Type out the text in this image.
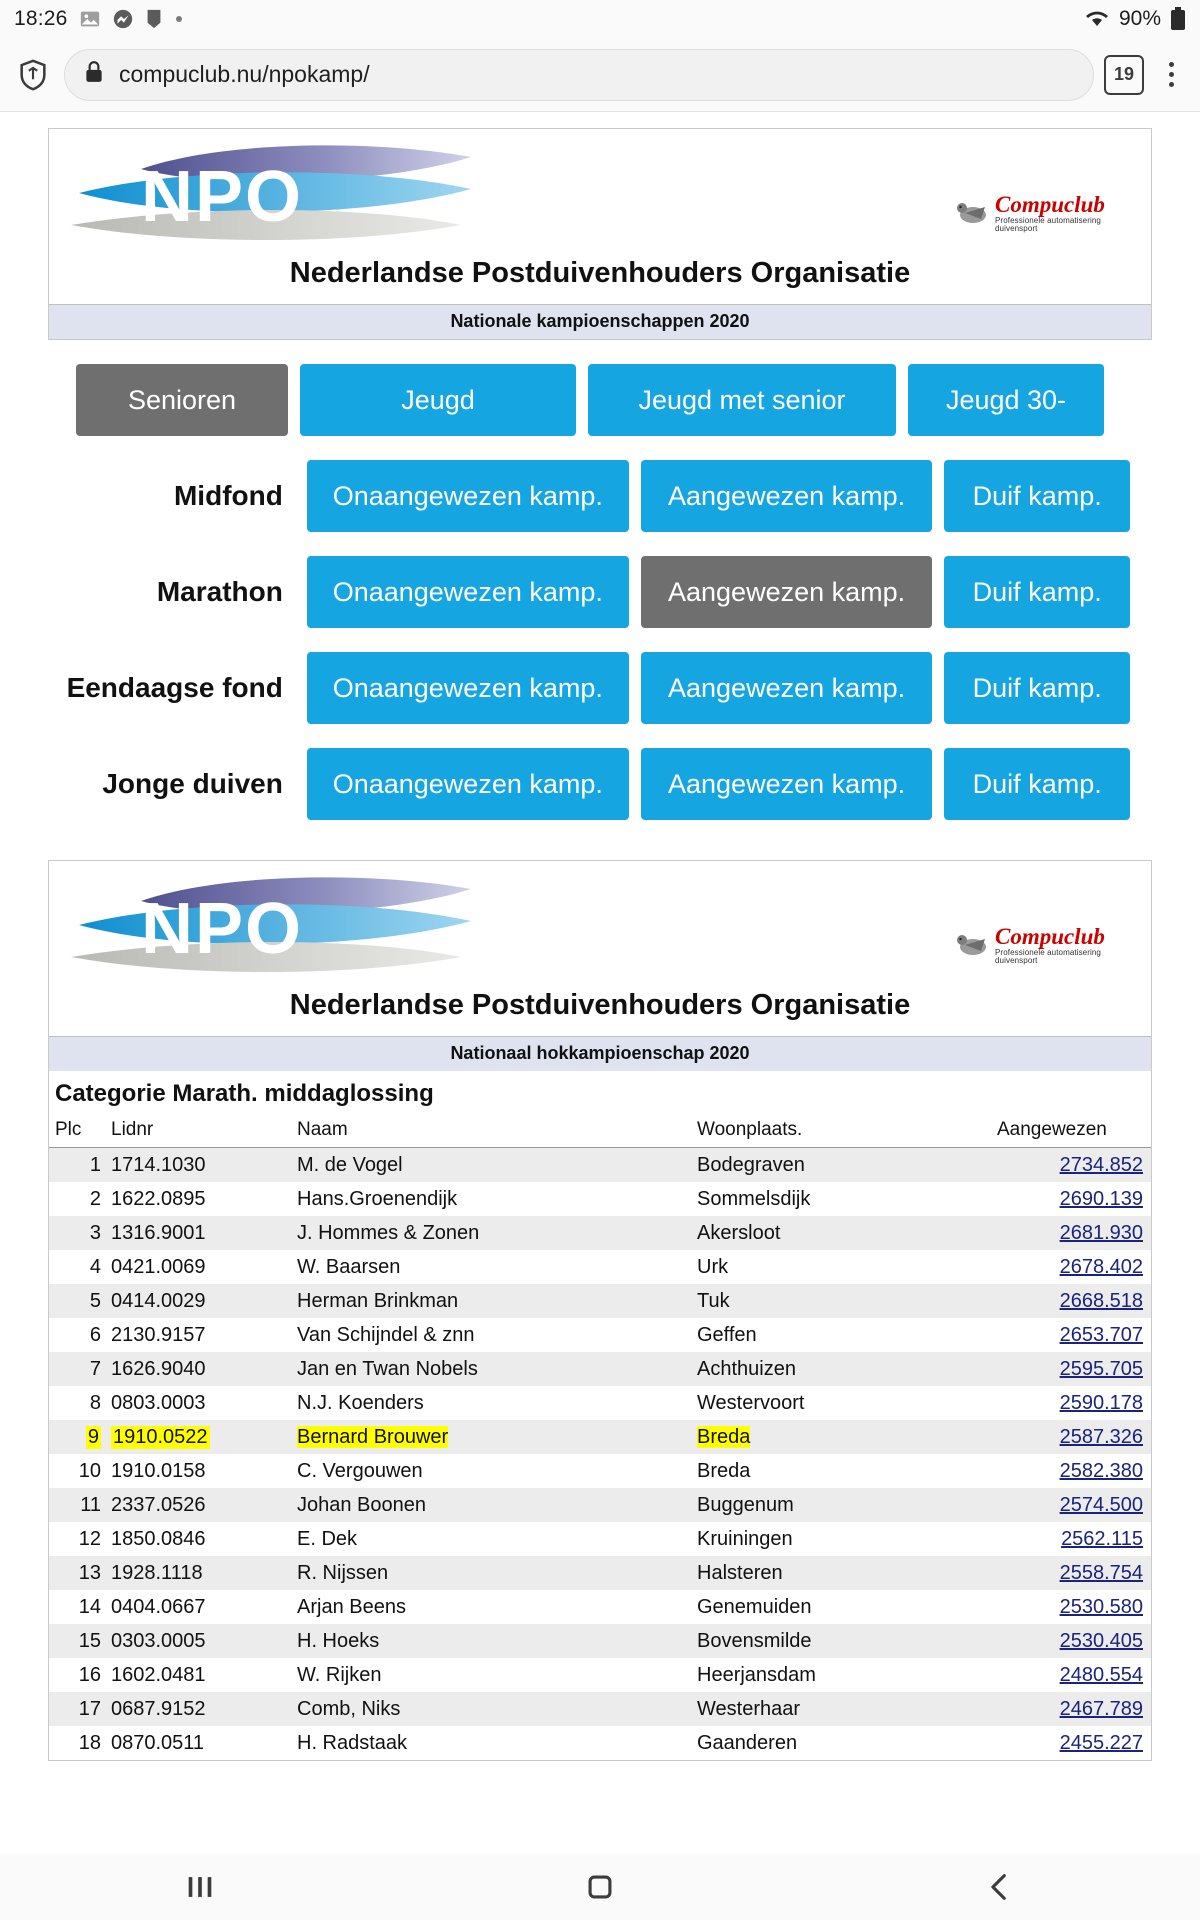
18:26	90%
compuclub.nu/npokamp/	19
NPO	Compuclub
Professionele automatisering duivensport
Nederlandse Postduivenhouders Organisatie
Nationale kampioenschappen 2020
Senioren	Jeugd	Jeugd met senior	Jeugd 30-
Midfond	Onaangewezen kamp.	Aangewezen kamp.	Duif kamp.
Marathon	Onaangewezen kamp.	Aangewezen kamp.	Duif kamp.
Eendaagse fond	Onaangewezen kamp.	Aangewezen kamp.	Duif kamp.
Jonge duiven	Onaangewezen kamp.	Aangewezen kamp.	Duif kamp.
NPO	Compuclub
Professionele automatisering duivensport
Nederlandse Postduivenhouders Organisatie
Nationaal hokkampioenschap 2020
Categorie Marath. middaglossing
Plc	Lidnr	Naam	Woonplaats.	Aangewezen
1	1714.1030	M. de Vogel	Bodegraven	2734.852
2	1622.0895	Hans.Groenendijk	Sommelsdijk	2690.139
3	1316.9001	J. Hommes & Zonen	Akersloot	2681.930
4	0421.0069	W. Baarsen	Urk	2678.402
5	0414.0029	Herman Brinkman	Tuk	2668.518
6	2130.9157	Van Schijndel & znn	Geffen	2653.707
7	1626.9040	Jan en Twan Nobels	Achthuizen	2595.705
8	0803.0003	N.J. Koenders	Westervoort	2590.178
9	1910.0522	Bernard Brouwer	Breda	2587.326
10	1910.0158	C. Vergouwen	Breda	2582.380
11	2337.0526	Johan Boonen	Buggenum	2574.500
12	1850.0846	E. Dek	Kruiningen	2562.115
13	1928.1118	R. Nijssen	Halsteren	2558.754
14	0404.0667	Arjan Beens	Genemuiden	2530.580
15	0303.0005	H. Hoeks	Bovensmilde	2530.405
16	1602.0481	W. Rijken	Heerjansdam	2480.554
17	0687.9152	Comb, Niks	Westerhaar	2467.789
18	0870.0511	H. Radstaak	Gaanderen	2455.227
